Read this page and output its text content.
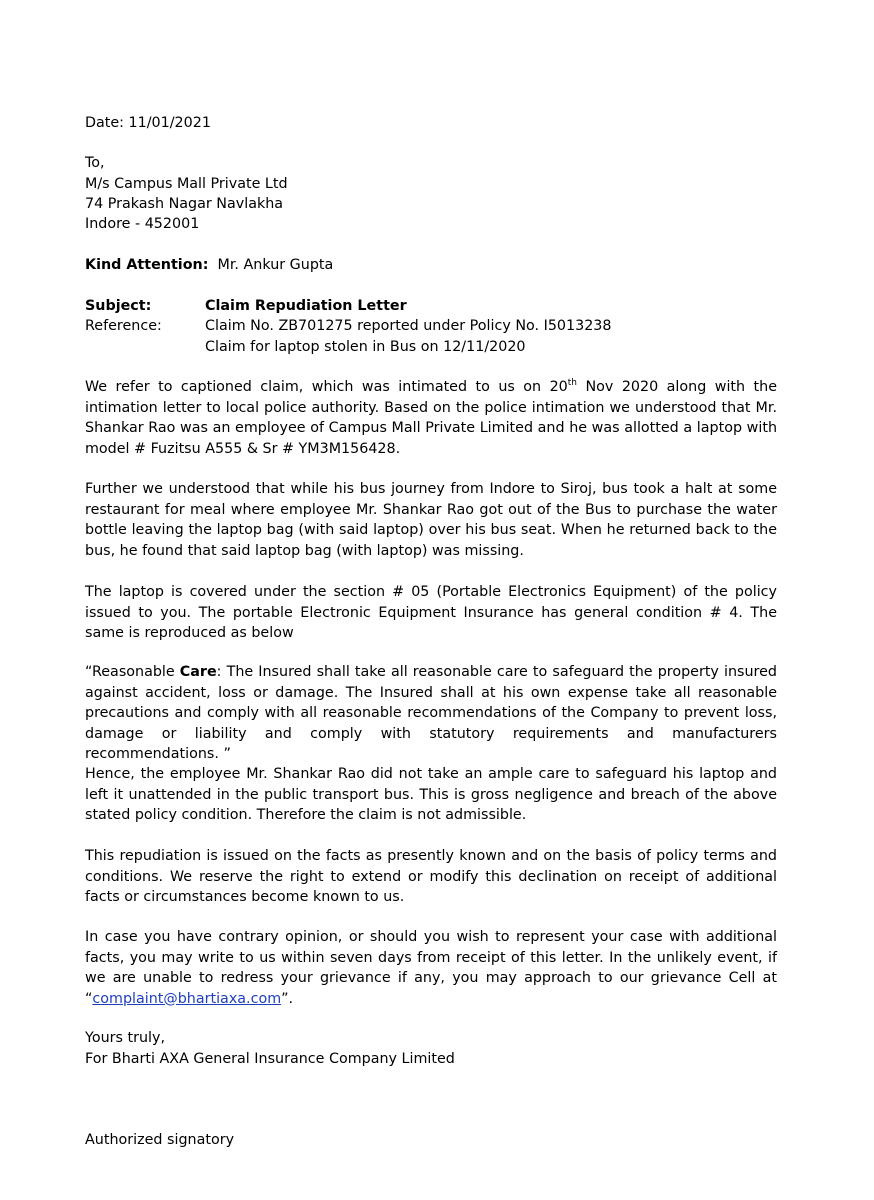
Date: 11/01/2021

To,

M/s Campus Mall Private Ltd

74 Prakash Nagar Navlakha

Indore - 452001

Kind Attention: Mr. Ankur Gupta

Subject:	Claim Repudiation Letter

Reference:	Claim No. ZB701275 reported under Policy No. I5013238

Claim for laptop stolen in Bus on 12/11/2020

We refer to captioned claim, which was intimated to us on 20th Nov 2020 along with the intimation letter to local police authority. Based on the police intimation we understood that Mr. Shankar Rao was an employee of Campus Mall Private Limited and he was allotted a laptop with model # Fuzitsu A555 & Sr # YM3M156428.

Further we understood that while his bus journey from Indore to Siroj, bus took a halt at some restaurant for meal where employee Mr. Shankar Rao got out of the Bus to purchase the water bottle leaving the laptop bag (with said laptop) over his bus seat. When he returned back to the bus, he found that said laptop bag (with laptop) was missing.

The laptop is covered under the section # 05 (Portable Electronics Equipment) of the policy issued to you. The portable Electronic Equipment Insurance has general condition # 4. The same is reproduced as below

“Reasonable Care: The Insured shall take all reasonable care to safeguard the property insured against accident, loss or damage. The Insured shall at his own expense take all reasonable precautions and comply with all reasonable recommendations of the Company to prevent loss, damage or liability and comply with statutory requirements and manufacturers recommendations. ”

Hence, the employee Mr. Shankar Rao did not take an ample care to safeguard his laptop and left it unattended in the public transport bus. This is gross negligence and breach of the above stated policy condition. Therefore the claim is not admissible.

This repudiation is issued on the facts as presently known and on the basis of policy terms and conditions. We reserve the right to extend or modify this declination on receipt of additional facts or circumstances become known to us.

In case you have contrary opinion, or should you wish to represent your case with additional facts, you may write to us within seven days from receipt of this letter. In the unlikely event, if we are unable to redress your grievance if any, you may approach to our grievance Cell at “complaint@bhartiaxa.com”.

Yours truly,

For Bharti AXA General Insurance Company Limited

Authorized signatory
